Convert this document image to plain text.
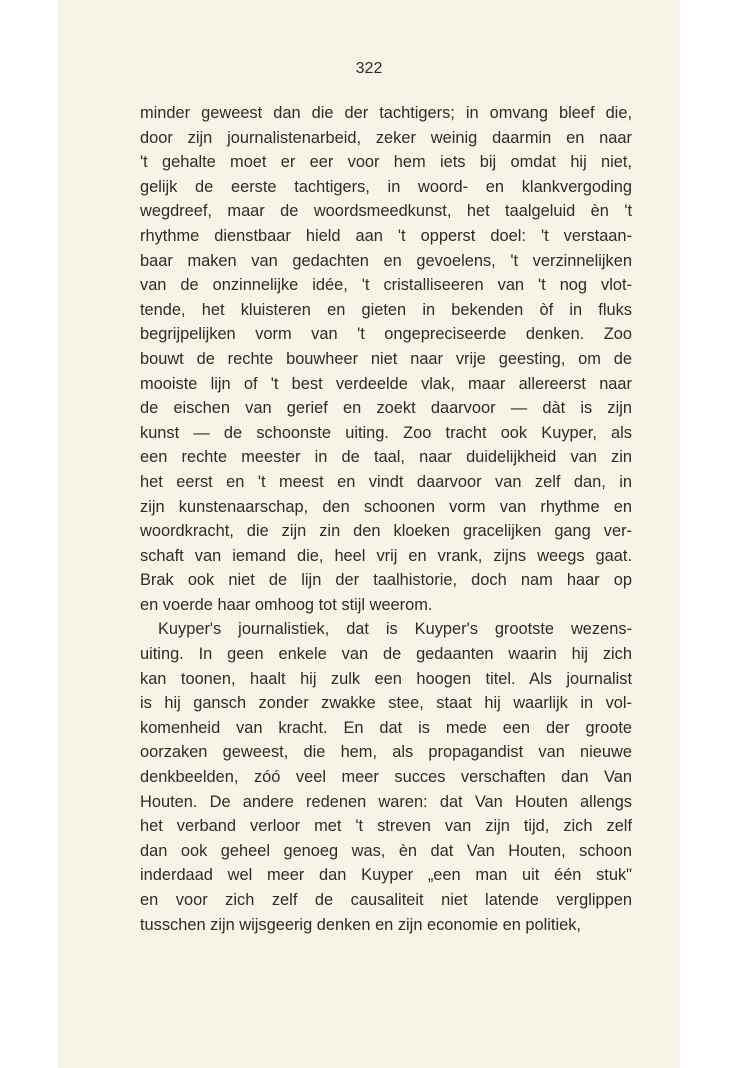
322
minder geweest dan die der tachtigers; in omvang bleef die,
door zijn journalistenarbeid, zeker weinig daarmin en naar
't gehalte moet er eer voor hem iets bij omdat hij niet,
gelijk de eerste tachtigers, in woord- en klankvergoding
wegdreef, maar de woordsmeedkunst, het taalgeluid èn 't
rhythme dienstbaar hield aan 't opperst doel: 't verstaan-
baar maken van gedachten en gevoelens, 't verzinnelijken
van de onzinnelijke idée, 't cristalliseeren van 't nog vlot-
tende, het kluisteren en gieten in bekenden òf in fluks
begrijpelijken vorm van 't ongepreciseerde denken. Zoo
bouwt de rechte bouwheer niet naar vrije geesting, om de
mooiste lijn of 't best verdeelde vlak, maar allereerst naar
de eischen van gerief en zoekt daarvoor — dàt is zijn
kunst — de schoonste uiting. Zoo tracht ook Kuyper, als
een rechte meester in de taal, naar duidelijkheid van zin
het eerst en 't meest en vindt daarvoor van zelf dan, in
zijn kunstenaarschap, den schoonen vorm van rhythme en
woordkracht, die zijn zin den kloeken gracelijken gang ver-
schaft van iemand die, heel vrij en vrank, zijns weegs gaat.
Brak ook niet de lijn der taalhistorie, doch nam haar op
en voerde haar omhoog tot stijl weerom.
Kuyper's journalistiek, dat is Kuyper's grootste wezens-
uiting. In geen enkele van de gedaanten waarin hij zich
kan toonen, haalt hij zulk een hoogen titel. Als journalist
is hij gansch zonder zwakke stee, staat hij waarlijk in vol-
komenheid van kracht. En dat is mede een der groote
oorzaken geweest, die hem, als propagandist van nieuwe
denkbeelden, zóó veel meer succes verschaften dan Van
Houten. De andere redenen waren: dat Van Houten allengs
het verband verloor met 't streven van zijn tijd, zich zelf
dan ook geheel genoeg was, èn dat Van Houten, schoon
inderdaad wel meer dan Kuyper „een man uit één stuk"
en voor zich zelf de causaliteit niet latende verglippen
tusschen zijn wijsgeerig denken en zijn economie en politiek,
